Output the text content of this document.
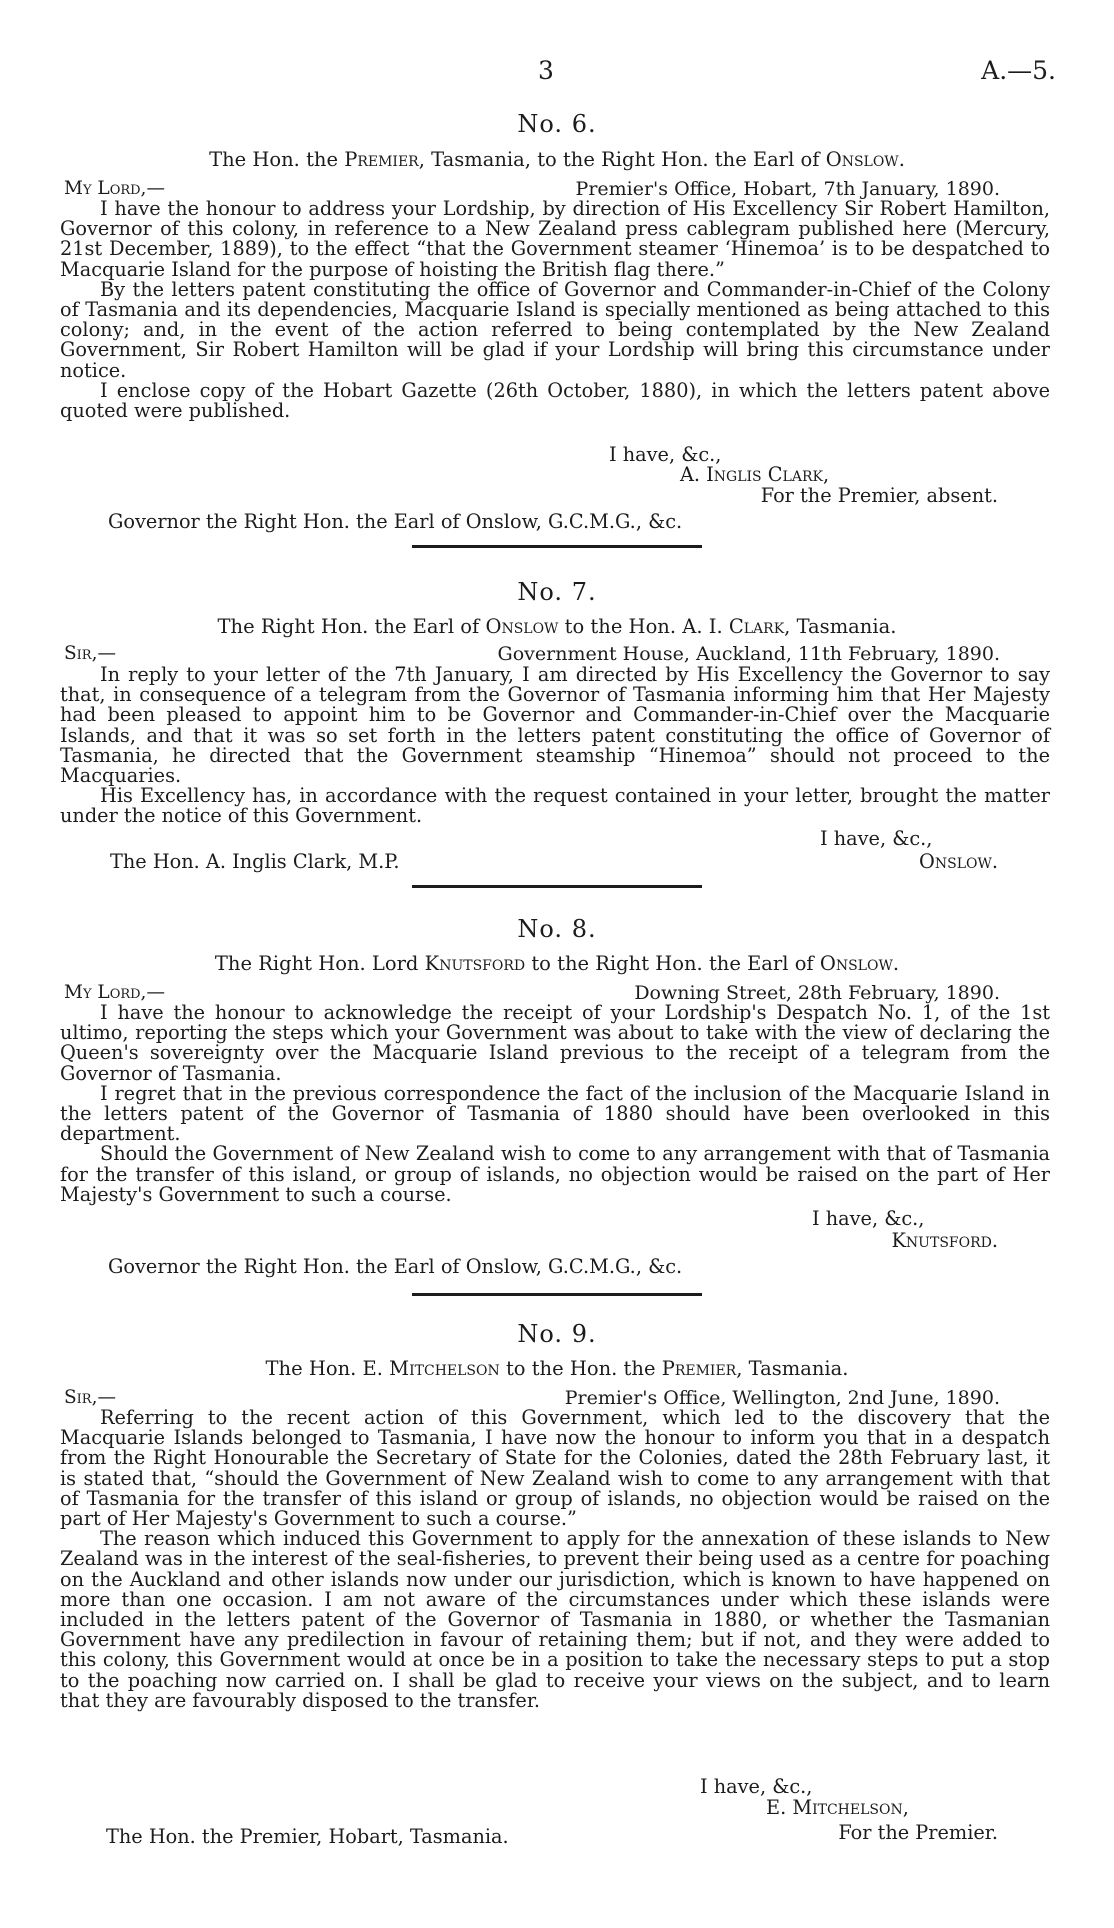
3	A.—5.
No. 6.
The Hon. the Premier, Tasmania, to the Right Hon. the Earl of Onslow.
My Lord,—	Premier's Office, Hobart, 7th January, 1890.

I have the honour to address your Lordship, by direction of His Excellency Sir Robert Hamilton, Governor of this colony, in reference to a New Zealand press cablegram published here (Mercury, 21st December, 1889), to the effect “that the Government steamer ‘Hinemoa’ is to be despatched to Macquarie Island for the purpose of hoisting the British flag there.”

By the letters patent constituting the office of Governor and Commander-in-Chief of the Colony of Tasmania and its dependencies, Macquarie Island is specially mentioned as being attached to this colony; and, in the event of the action referred to being contemplated by the New Zealand Government, Sir Robert Hamilton will be glad if your Lordship will bring this circumstance under notice.

I enclose copy of the Hobart Gazette (26th October, 1880), in which the letters patent above quoted were published.

I have, &c.,
A. Inglis Clark,
For the Premier, absent.
Governor the Right Hon. the Earl of Onslow, G.C.M.G., &c.
No. 7.
The Right Hon. the Earl of Onslow to the Hon. A. I. Clark, Tasmania.
Sir,—	Government House, Auckland, 11th February, 1890.

In reply to your letter of the 7th January, I am directed by His Excellency the Governor to say that, in consequence of a telegram from the Governor of Tasmania informing him that Her Majesty had been pleased to appoint him to be Governor and Commander-in-Chief over the Macquarie Islands, and that it was so set forth in the letters patent constituting the office of Governor of Tasmania, he directed that the Government steamship “Hinemoa” should not proceed to the Macquaries.

His Excellency has, in accordance with the request contained in your letter, brought the matter under the notice of this Government.

I have, &c.,
The Hon. A. Inglis Clark, M.P.	Onslow.
No. 8.
The Right Hon. Lord Knutsford to the Right Hon. the Earl of Onslow.
My Lord,—	Downing Street, 28th February, 1890.

I have the honour to acknowledge the receipt of your Lordship's Despatch No. 1, of the 1st ultimo, reporting the steps which your Government was about to take with the view of declaring the Queen's sovereignty over the Macquarie Island previous to the receipt of a telegram from the Governor of Tasmania.

I regret that in the previous correspondence the fact of the inclusion of the Macquarie Island in the letters patent of the Governor of Tasmania of 1880 should have been overlooked in this department.

Should the Government of New Zealand wish to come to any arrangement with that of Tasmania for the transfer of this island, or group of islands, no objection would be raised on the part of Her Majesty's Government to such a course.

I have, &c.,
Knutsford.
Governor the Right Hon. the Earl of Onslow, G.C.M.G., &c.
No. 9.
The Hon. E. Mitchelson to the Hon. the Premier, Tasmania.
Sir,—	Premier's Office, Wellington, 2nd June, 1890.

Referring to the recent action of this Government, which led to the discovery that the Macquarie Islands belonged to Tasmania, I have now the honour to inform you that in a despatch from the Right Honourable the Secretary of State for the Colonies, dated the 28th February last, it is stated that, “should the Government of New Zealand wish to come to any arrangement with that of Tasmania for the transfer of this island or group of islands, no objection would be raised on the part of Her Majesty's Government to such a course.”

The reason which induced this Government to apply for the annexation of these islands to New Zealand was in the interest of the seal-fisheries, to prevent their being used as a centre for poaching on the Auckland and other islands now under our jurisdiction, which is known to have happened on more than one occasion. I am not aware of the circumstances under which these islands were included in the letters patent of the Governor of Tasmania in 1880, or whether the Tasmanian Government have any predilection in favour of retaining them; but if not, and they were added to this colony, this Government would at once be in a position to take the necessary steps to put a stop to the poaching now carried on. I shall be glad to receive your views on the subject, and to learn that they are favourably disposed to the transfer.

I have, &c.,
E. Mitchelson,
For the Premier.
The Hon. the Premier, Hobart, Tasmania.
